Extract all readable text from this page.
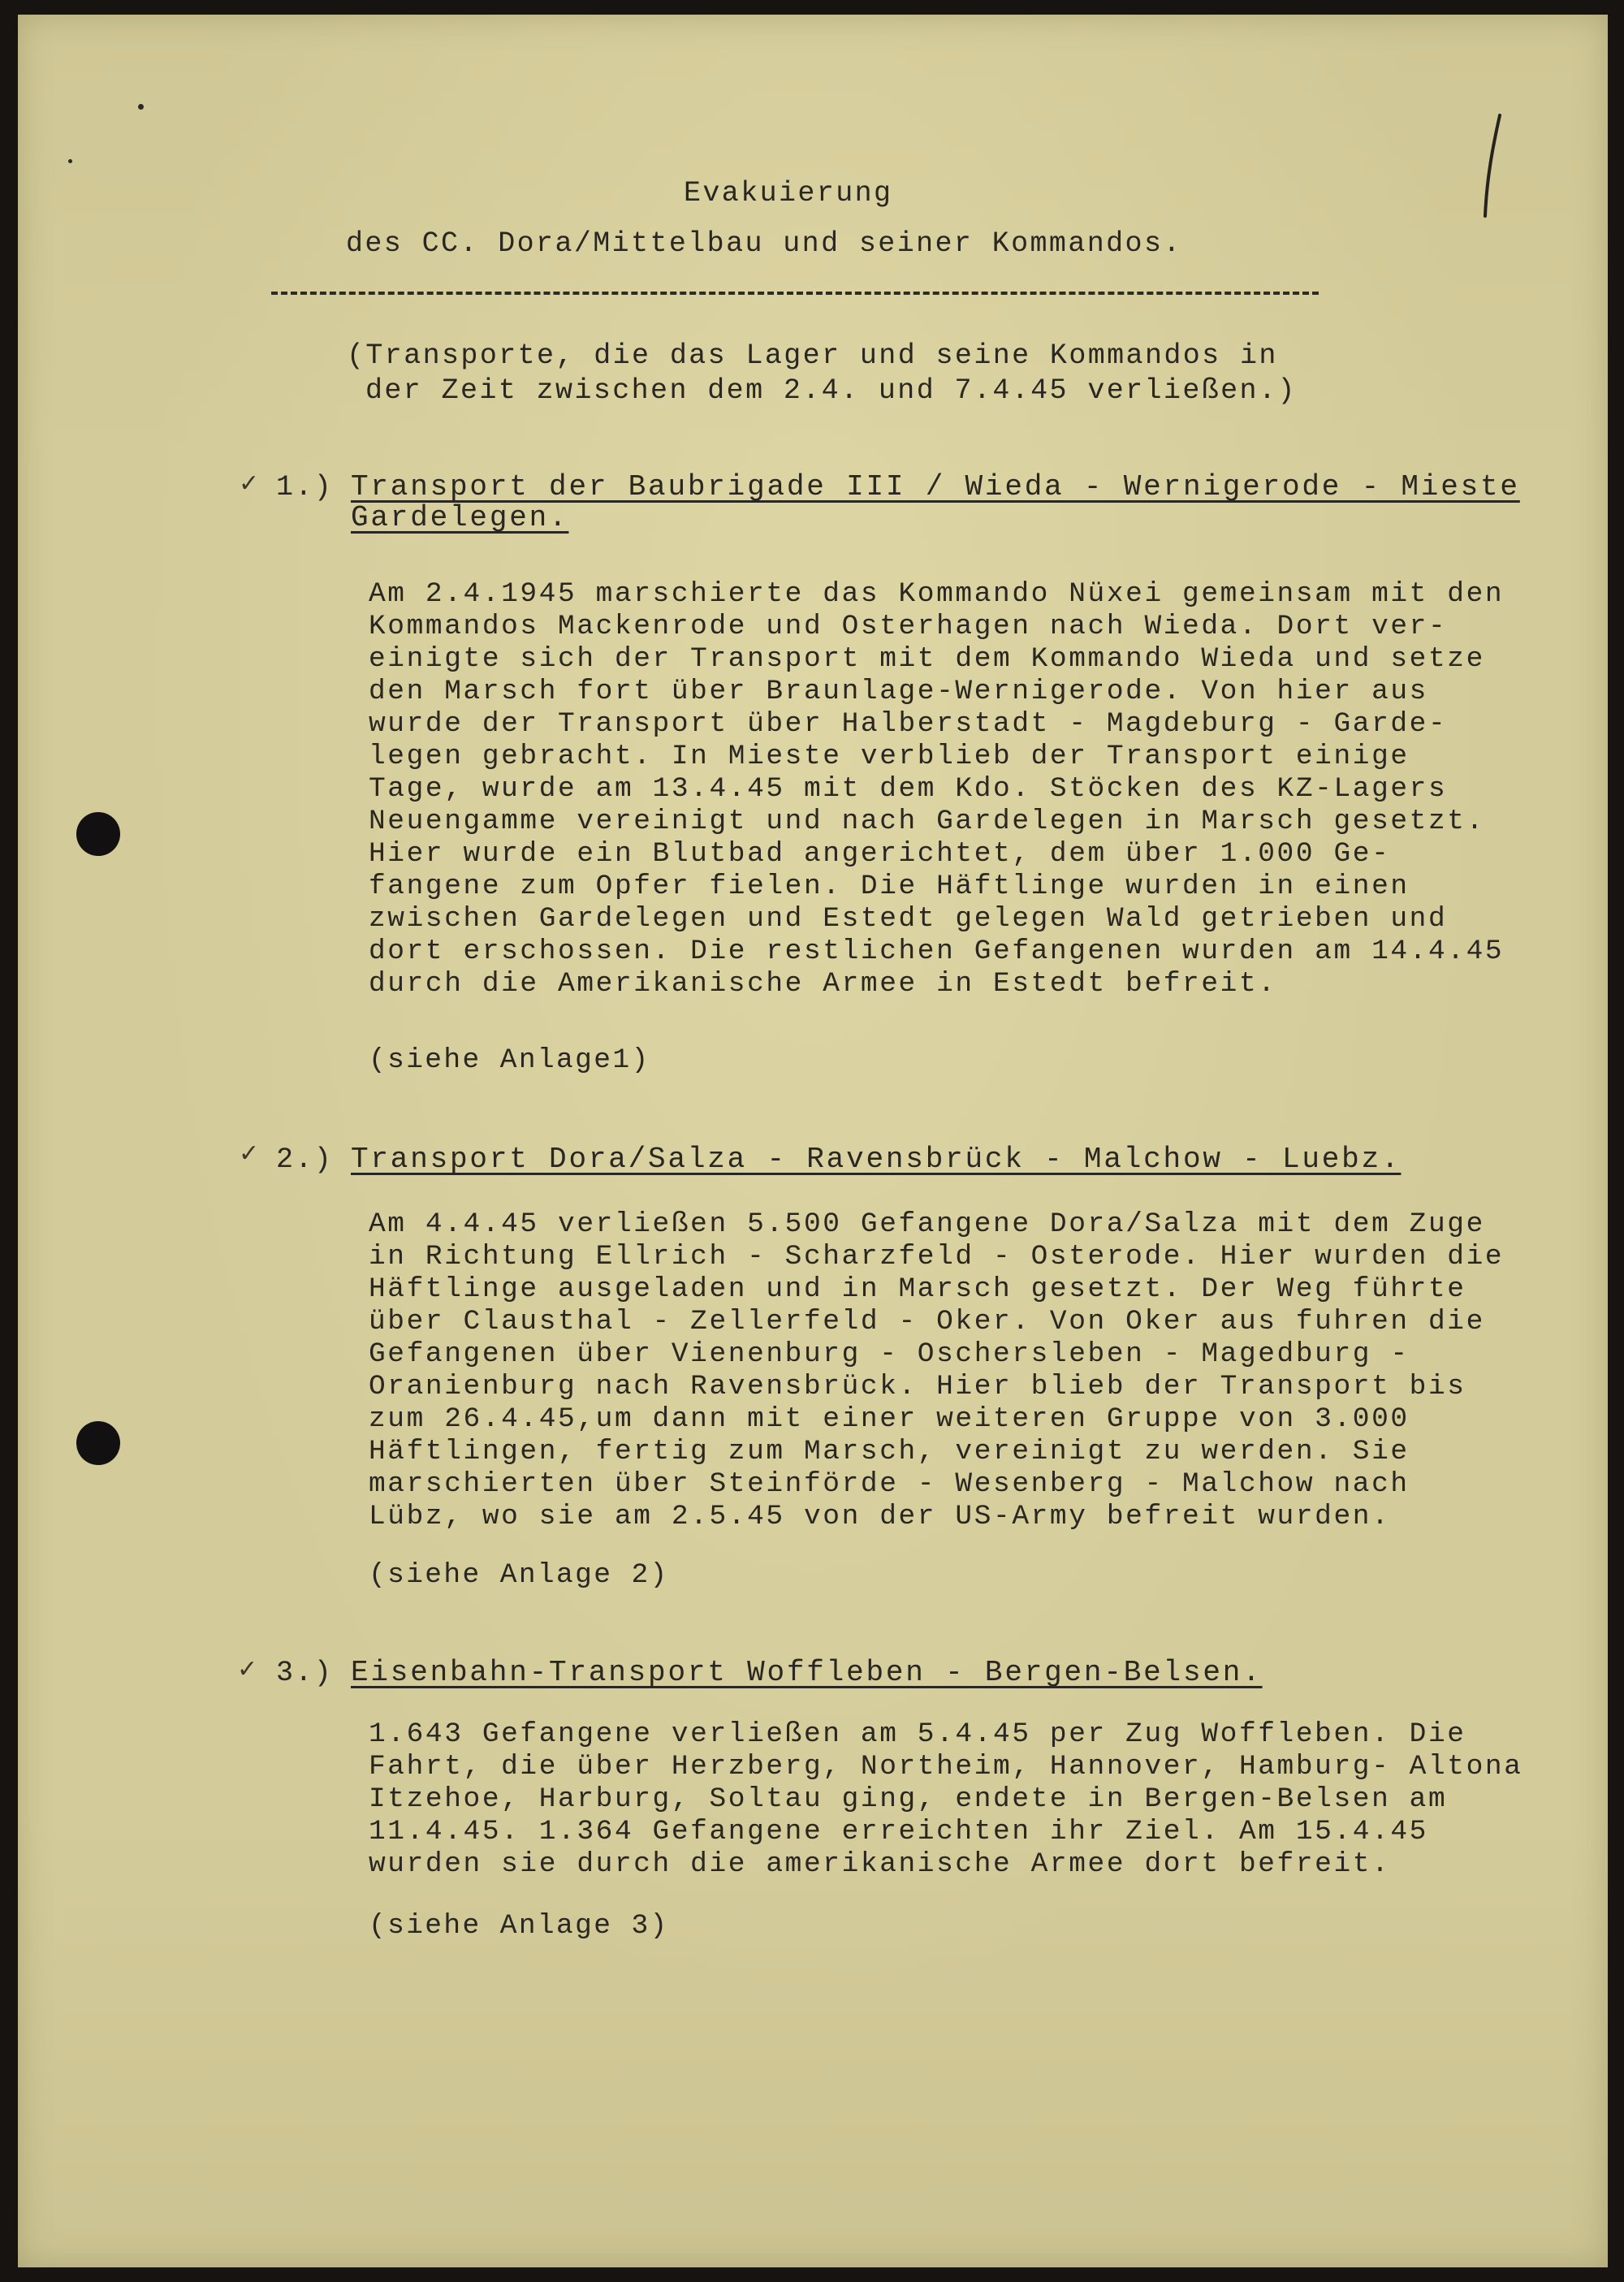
Evakuierung

des CC. Dora/Mittelbau und seiner Kommandos.

(Transporte, die das Lager und seine Kommandos in

der Zeit zwischen dem 2.4. und 7.4.45 verließen.)

✓ 1.) Transport der Baubrigade III / Wieda - Wernigerode - Mieste

Gardelegen.

Am 2.4.1945 marschierte das Kommando Nüxei gemeinsam mit den

Kommandos Mackenrode und Osterhagen nach Wieda. Dort ver-

einigte sich der Transport mit dem Kommando Wieda und setze

den Marsch fort über Braunlage-Wernigerode. Von hier aus

wurde der Transport über Halberstadt - Magdeburg - Garde-

legen gebracht. In Mieste verblieb der Transport einige

Tage, wurde am 13.4.45 mit dem Kdo. Stöcken des KZ-Lagers

Neuengamme vereinigt und nach Gardelegen in Marsch gesetzt.

Hier wurde ein Blutbad angerichtet, dem über 1.000 Ge-

fangene zum Opfer fielen. Die Häftlinge wurden in einen

zwischen Gardelegen und Estedt gelegen Wald getrieben und

dort erschossen. Die restlichen Gefangenen wurden am 14.4.45

durch die Amerikanische Armee in Estedt befreit.

(siehe Anlage1)

✓ 2.) Transport Dora/Salza - Ravensbrück - Malchow - Luebz.

Am 4.4.45 verließen 5.500 Gefangene Dora/Salza mit dem Zuge

in Richtung Ellrich - Scharzfeld - Osterode. Hier wurden die

Häftlinge ausgeladen und in Marsch gesetzt. Der Weg führte

über Clausthal - Zellerfeld - Oker. Von Oker aus fuhren die

Gefangenen über Vienenburg - Oschersleben - Magedburg -

Oranienburg nach Ravensbrück. Hier blieb der Transport bis

zum 26.4.45,um dann mit einer weiteren Gruppe von 3.000

Häftlingen, fertig zum Marsch, vereinigt zu werden. Sie

marschierten über Steinförde - Wesenberg - Malchow nach

Lübz, wo sie am 2.5.45 von der US-Army befreit wurden.

(siehe Anlage 2)

✓ 3.) Eisenbahn-Transport Woffleben - Bergen-Belsen.

1.643 Gefangene verließen am 5.4.45 per Zug Woffleben. Die

Fahrt, die über Herzberg, Northeim, Hannover, Hamburg- Altona

Itzehoe, Harburg, Soltau ging, endete in Bergen-Belsen am

11.4.45. 1.364 Gefangene erreichten ihr Ziel. Am 15.4.45

wurden sie durch die amerikanische Armee dort befreit.

(siehe Anlage 3)
